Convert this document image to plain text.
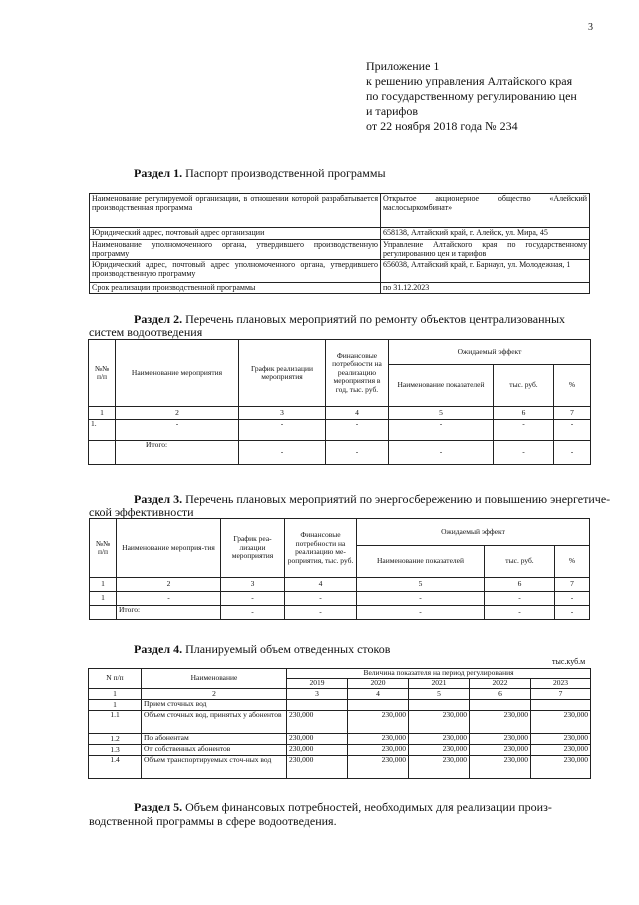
3
Приложение 1
к решению управления Алтайского края
по государственному регулированию цен
и тарифов
от 22 ноября 2018 года № 234
Раздел 1. Паспорт производственной программы
Наименование регулируемой организации, в отношении которой разрабатывается производственная программа	Открытое акционерное общество «Алейский маслосыркомбинат»
Юридический адрес, почтовый адрес организации	658138, Алтайский край, г. Алейск, ул. Мира, 45
Наименование уполномоченного органа, утвердившего производственную программу	Управление Алтайского края по государственному регулированию цен и тарифов
Юридический адрес, почтовый адрес уполномоченного органа, утвердившего производственную программу	656038, Алтайский край, г. Барнаул, ул. Молодежная, 1
Срок реализации производственной программы	по 31.12.2023
Раздел 2. Перечень плановых мероприятий по ремонту объектов централизованных
систем водоотведения
№№ п/п	Наименование мероприятия	График реализации мероприятия	Финансовые потребности на реализацию мероприятия в год, тыс. руб.	Ожидаемый эффект		
				Наименование показателей	тыс. руб.	%
1	2	3	4	5	6	7
1.	-	-	-	-	-	-
	Итого:	-	-	-	-	-
Раздел 3. Перечень плановых мероприятий по энергосбережению и повышению энергетиче-
ской эффективности
№№ п/п	Наименование мероприя-тия	График реа-лизации мероприятия	Финансовые потребности на реализацию ме-роприятия, тыс. руб.	Ожидаемый эффект		
				Наименование показателей	тыс. руб.	%
1	2	3	4	5	6	7
1	-	-	-	-	-	-
	Итого:	-	-	-	-	-
Раздел 4. Планируемый объем отведенных стоков
тыс.куб.м
N п/п	Наименование	Величина показателя на период регулирования				
		2019	2020	2021	2022	2023
1	2	3	4	5	6	7
1	Прием сточных вод					
1.1	Объем сточных вод, принятых у абонентов	230,000	230,000	230,000	230,000	230,000
1.2	По абонентам	230,000	230,000	230,000	230,000	230,000
1.3	От собственных абонентов	230,000	230,000	230,000	230,000	230,000
1.4	Объем транспортируемых сточ-ных вод	230,000	230,000	230,000	230,000	230,000
Раздел 5. Объем финансовых потребностей, необходимых для реализации произ-
водственной программы в сфере водоотведения.
